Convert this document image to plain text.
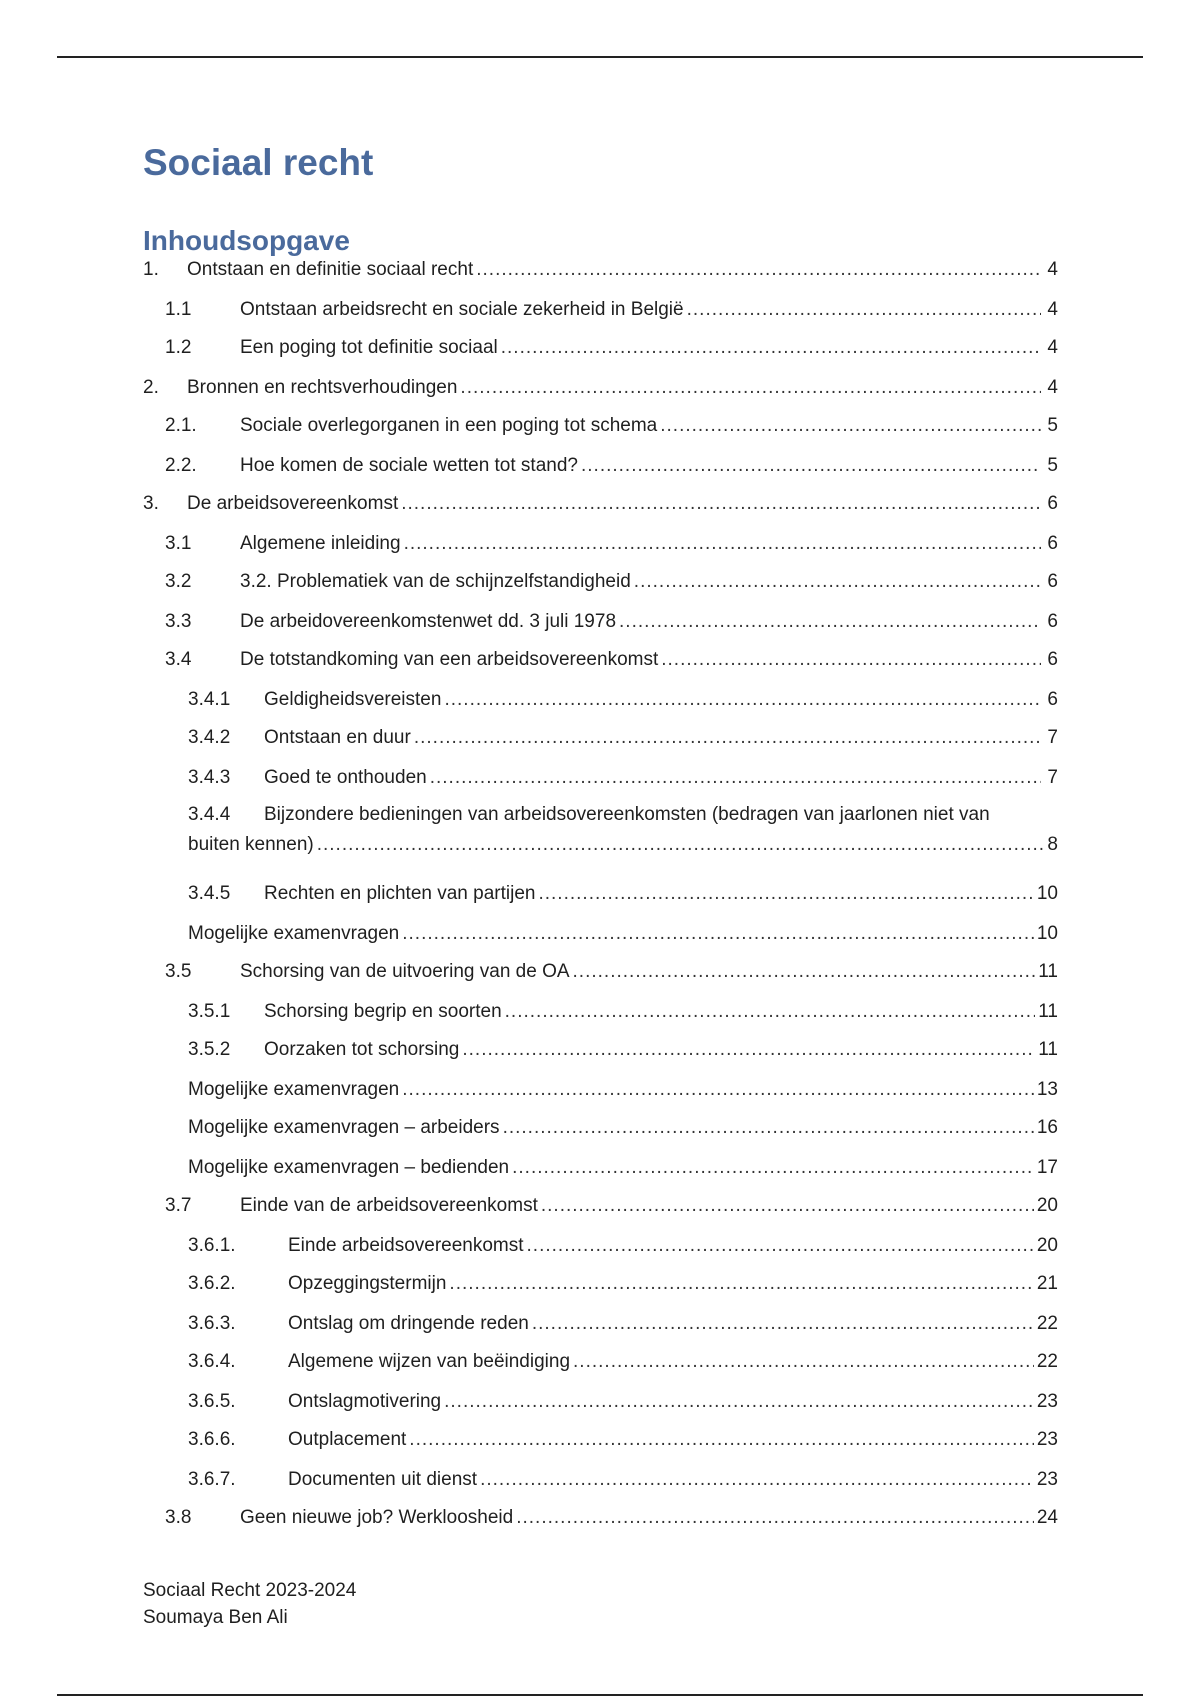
Sociaal recht
Inhoudsopgave
1.	Ontstaan en definitie sociaal recht .....	4
1.1	Ontstaan arbeidsrecht en sociale zekerheid in België .....	4
1.2	Een poging tot definitie sociaal .....	4
2.	Bronnen en rechtsverhoudingen .....	4
2.1.	Sociale overlegorganen in een poging tot schema .....	5
2.2.	Hoe komen de sociale wetten tot stand? .....	5
3.	De arbeidsovereenkomst .....	6
3.1	Algemene inleiding .....	6
3.2	3.2. Problematiek van de schijnzelfstandigheid .....	6
3.3	De arbeidovereenkomstenwet dd. 3 juli 1978 .....	6
3.4	De totstandkoming van een arbeidsovereenkomst .....	6
3.4.1	Geldigheidsvereisten .....	6
3.4.2	Ontstaan en duur .....	7
3.4.3	Goed te onthouden .....	7
3.4.4	Bijzondere bedieningen van arbeidsovereenkomsten (bedragen van jaarlonen niet van
buiten kennen) .....	8
3.4.5	Rechten en plichten van partijen .....	10
Mogelijke examenvragen .....	10
3.5	Schorsing van de uitvoering van de OA .....	11
3.5.1	Schorsing begrip en soorten .....	11
3.5.2	Oorzaken tot schorsing .....	11
Mogelijke examenvragen .....	13
Mogelijke examenvragen – arbeiders .....	16
Mogelijke examenvragen – bedienden .....	17
3.7	Einde van de arbeidsovereenkomst .....	20
3.6.1.	Einde arbeidsovereenkomst .....	20
3.6.2.	Opzeggingstermijn .....	21
3.6.3.	Ontslag om dringende reden .....	22
3.6.4.	Algemene wijzen van beëindiging .....	22
3.6.5.	Ontslagmotivering .....	23
3.6.6.	Outplacement .....	23
3.6.7.	Documenten uit dienst .....	23
3.8	Geen nieuwe job? Werkloosheid .....	24
Sociaal Recht 2023-2024
Soumaya Ben Ali
